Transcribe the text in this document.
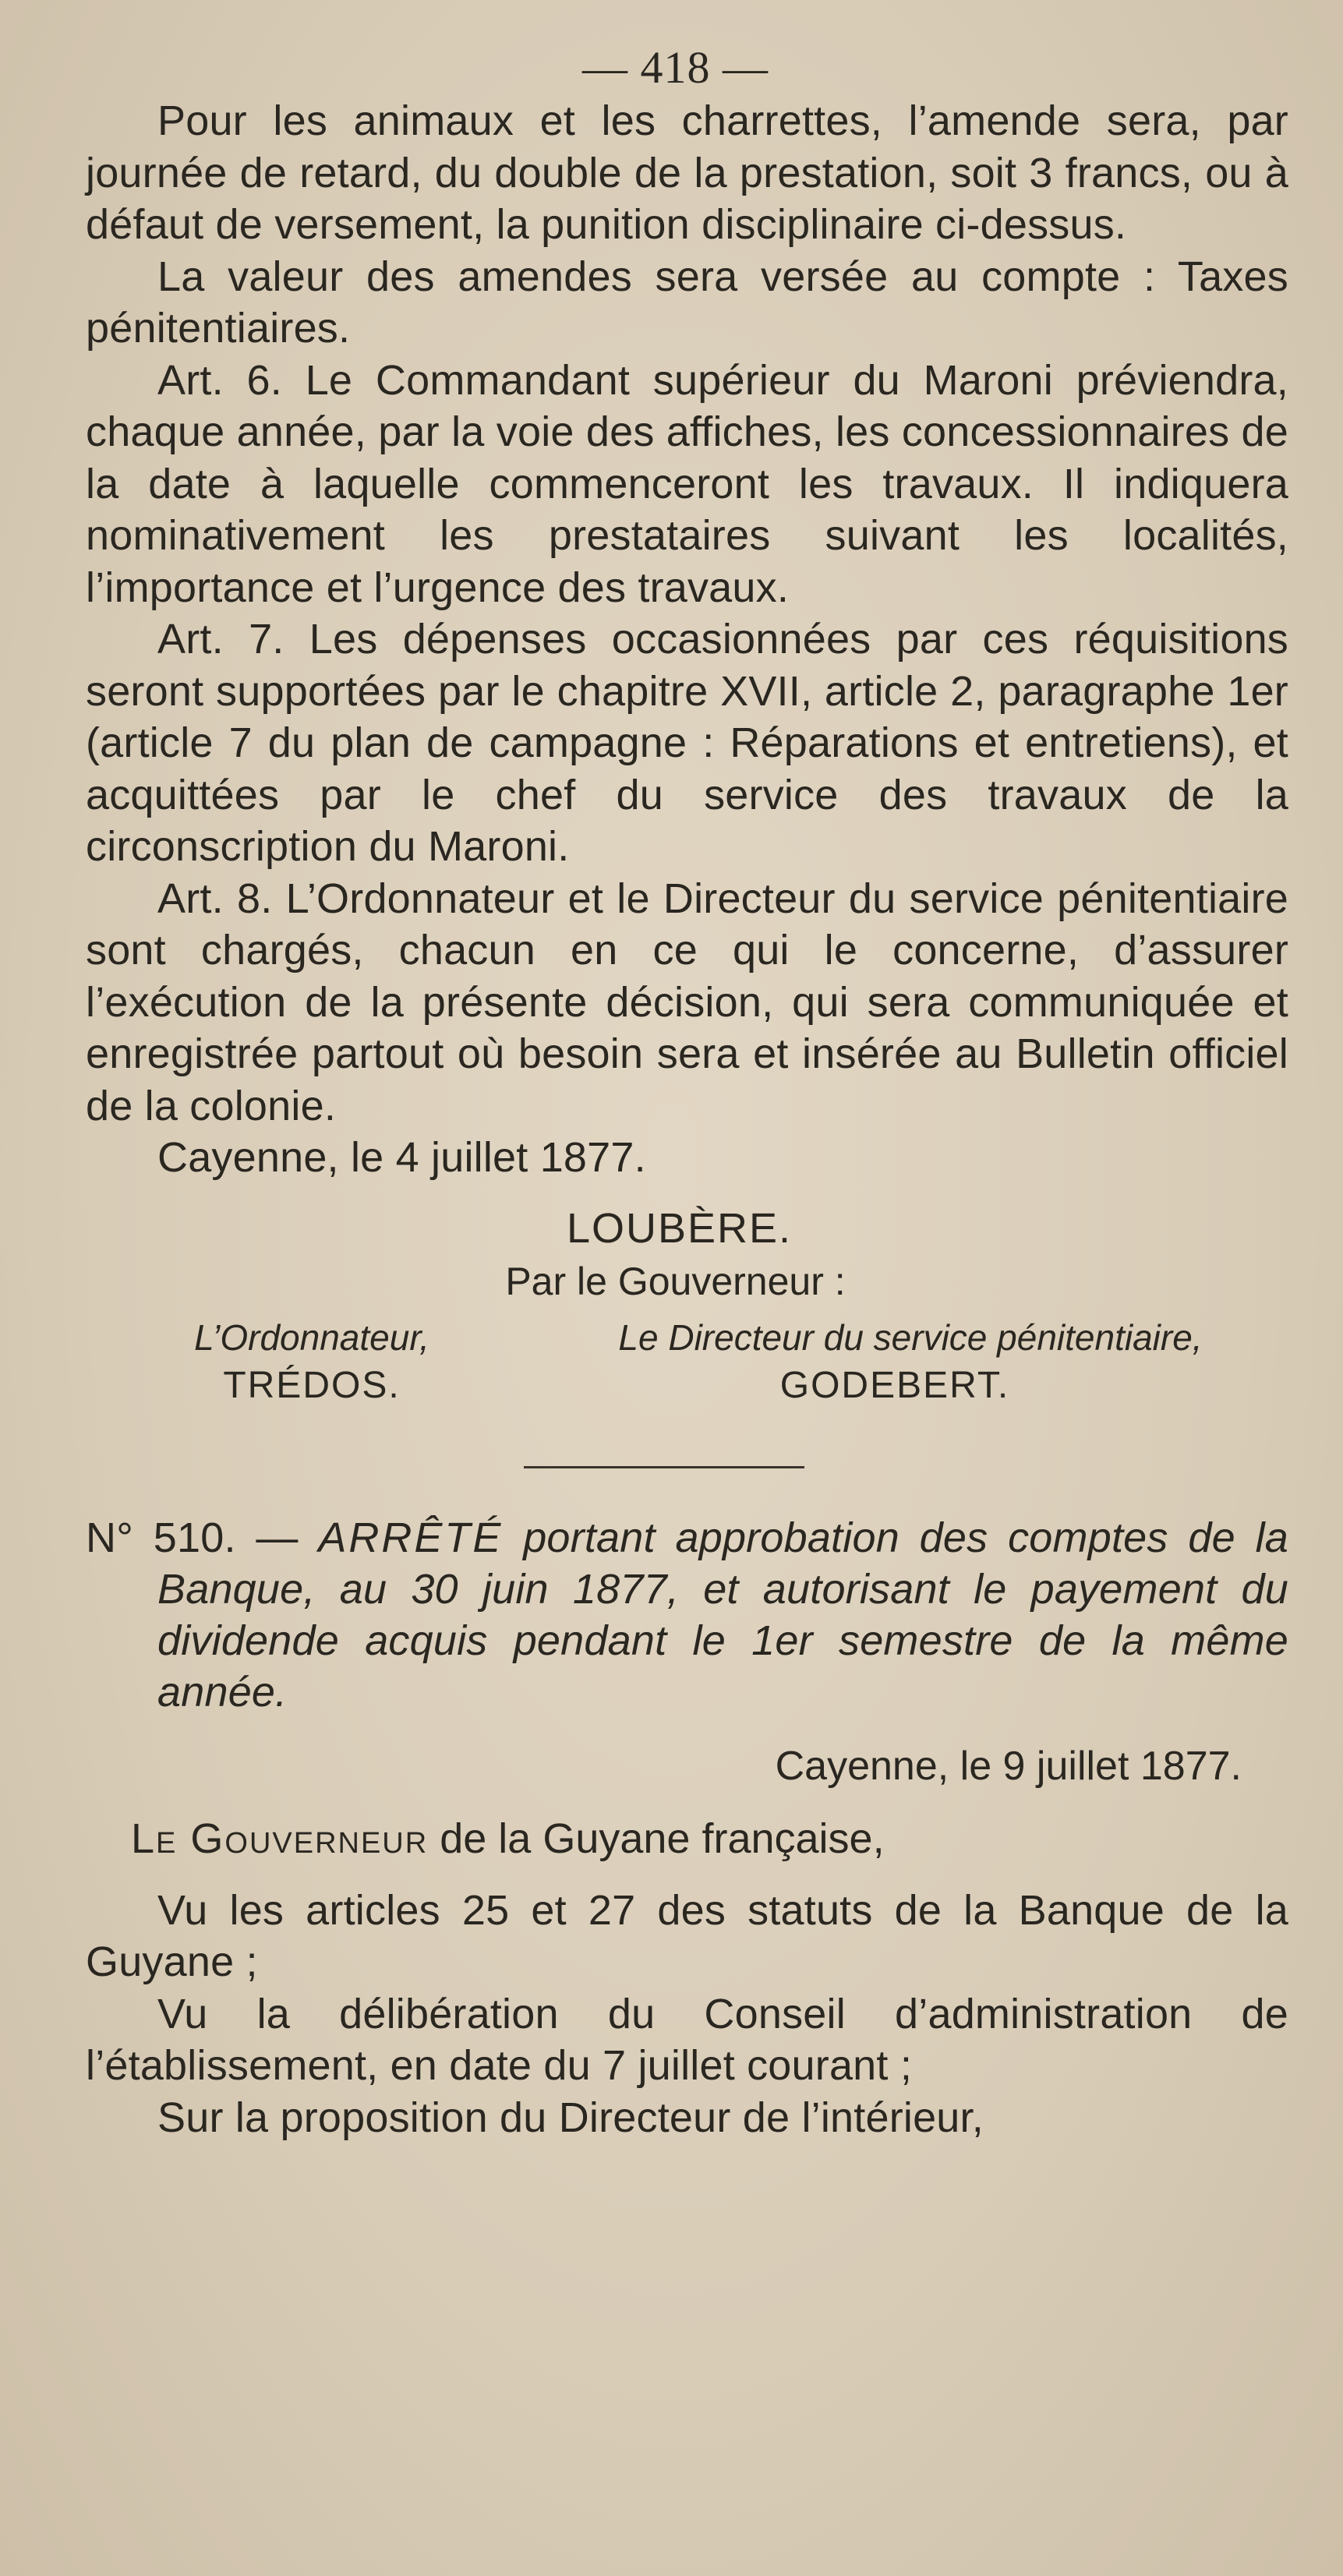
— 418 —

Pour les animaux et les charrettes, l’amende sera, par journée de retard, du double de la prestation, soit 3 francs, ou à défaut de versement, la punition disciplinaire ci-dessus.

La valeur des amendes sera versée au compte : Taxes pénitentiaires.

Art. 6. Le Commandant supérieur du Maroni préviendra, chaque année, par la voie des affiches, les concessionnaires de la date à laquelle commenceront les travaux. Il indiquera nominativement les prestataires suivant les localités, l’importance et l’urgence des travaux.

Art. 7. Les dépenses occasionnées par ces réquisitions seront supportées par le chapitre XVII, article 2, paragraphe 1er (article 7 du plan de campagne : Réparations et entretiens), et acquittées par le chef du service des travaux de la circonscription du Maroni.

Art. 8. L’Ordonnateur et le Directeur du service pénitentiaire sont chargés, chacun en ce qui le concerne, d’assurer l’exécution de la présente décision, qui sera communiquée et enregistrée partout où besoin sera et insérée au Bulletin officiel de la colonie.

Cayenne, le 4 juillet 1877.

LOUBÈRE.
Par le Gouverneur :
L’Ordonnateur,	Le Directeur du service pénitentiaire,
TRÉDOS.	GODEBERT.

N° 510. — ARRÊTÉ portant approbation des comptes de la Banque, au 30 juin 1877, et autorisant le payement du dividende acquis pendant le 1er semestre de la même année.

Cayenne, le 9 juillet 1877.
Le Gouverneur de la Guyane française,

Vu les articles 25 et 27 des statuts de la Banque de la Guyane ;

Vu la délibération du Conseil d’administration de l’établissement, en date du 7 juillet courant ;

Sur la proposition du Directeur de l’intérieur,
